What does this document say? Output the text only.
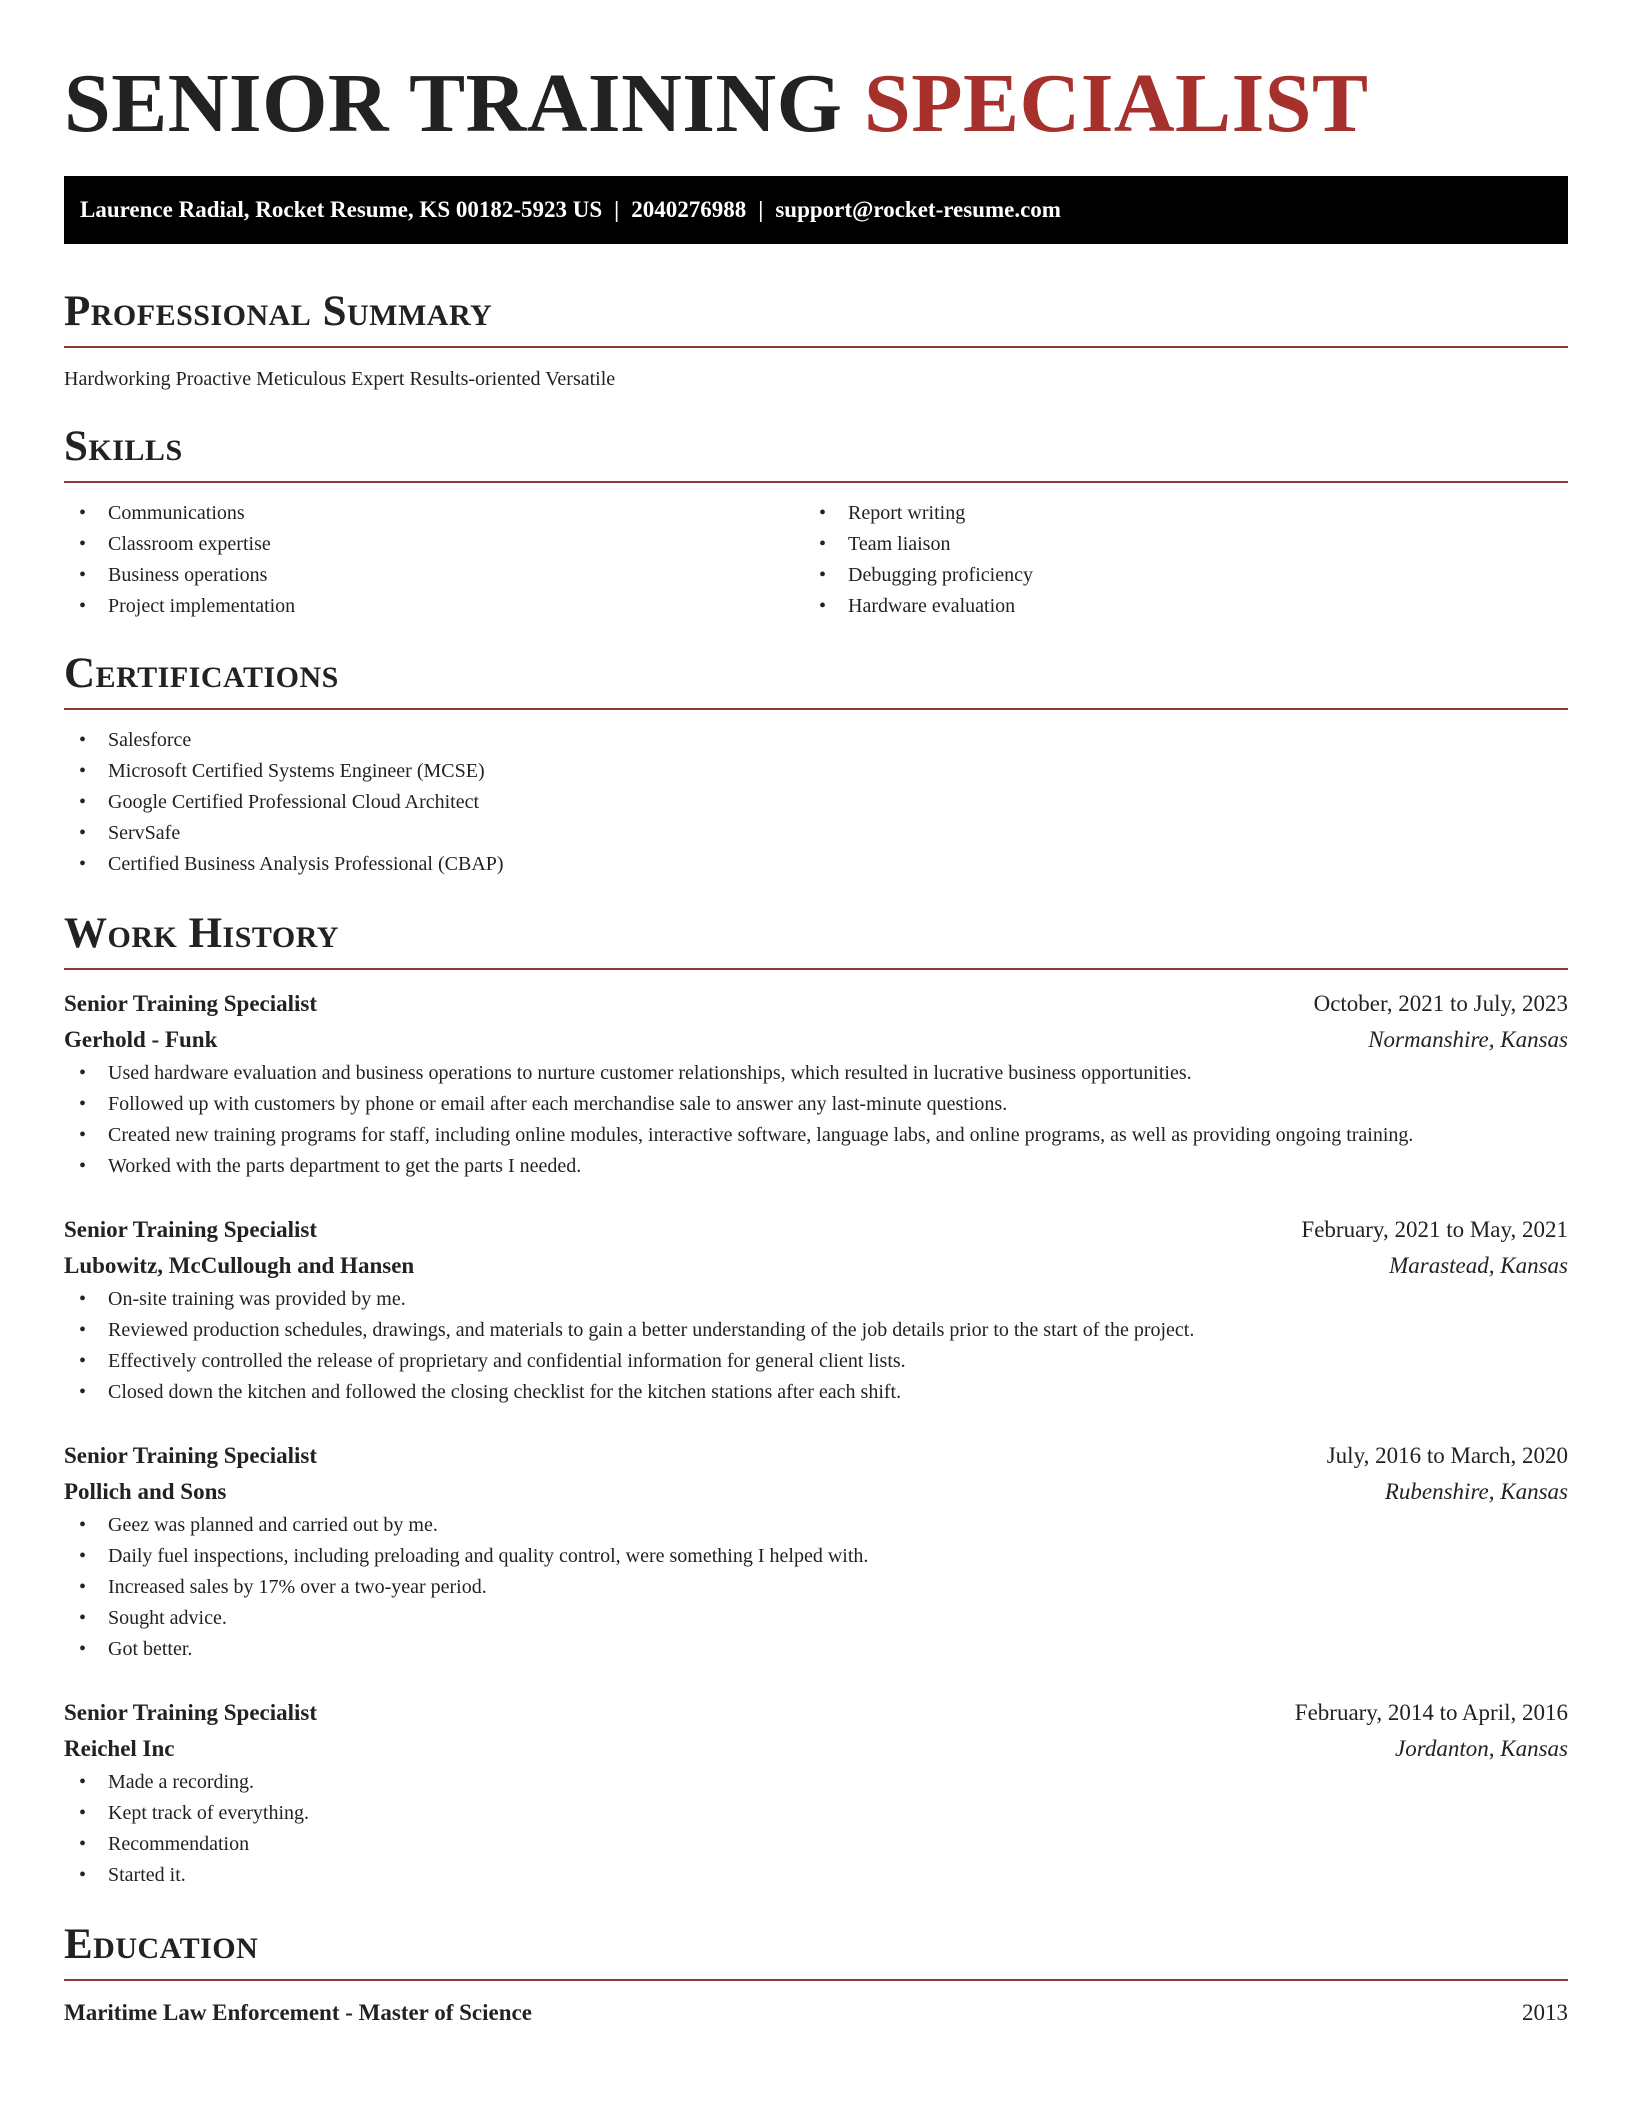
SENIOR TRAINING SPECIALIST
Laurence Radial, Rocket Resume, KS 00182-5923 US | 2040276988 | support@rocket-resume.com
Professional Summary

Hardworking Proactive Meticulous Expert Results-oriented Versatile

Skills
• Communications
• Classroom expertise
• Business operations
• Project implementation
• Report writing
• Team liaison
• Debugging proficiency
• Hardware evaluation
Certifications
• Salesforce
• Microsoft Certified Systems Engineer (MCSE)
• Google Certified Professional Cloud Architect
• ServSafe
• Certified Business Analysis Professional (CBAP)
Work History
Senior Training Specialist	October, 2021 to July, 2023
Gerhold - Funk	Normanshire, Kansas
• Used hardware evaluation and business operations to nurture customer relationships, which resulted in lucrative business opportunities.
• Followed up with customers by phone or email after each merchandise sale to answer any last-minute questions.
• Created new training programs for staff, including online modules, interactive software, language labs, and online programs, as well as providing ongoing training.
• Worked with the parts department to get the parts I needed.
Senior Training Specialist	February, 2021 to May, 2021
Lubowitz, McCullough and Hansen	Marastead, Kansas
• On-site training was provided by me.
• Reviewed production schedules, drawings, and materials to gain a better understanding of the job details prior to the start of the project.
• Effectively controlled the release of proprietary and confidential information for general client lists.
• Closed down the kitchen and followed the closing checklist for the kitchen stations after each shift.
Senior Training Specialist	July, 2016 to March, 2020
Pollich and Sons	Rubenshire, Kansas
• Geez was planned and carried out by me.
• Daily fuel inspections, including preloading and quality control, were something I helped with.
• Increased sales by 17% over a two-year period.
• Sought advice.
• Got better.
Senior Training Specialist	February, 2014 to April, 2016
Reichel Inc	Jordanton, Kansas
• Made a recording.
• Kept track of everything.
• Recommendation
• Started it.
Education
Maritime Law Enforcement - Master of Science	2013
